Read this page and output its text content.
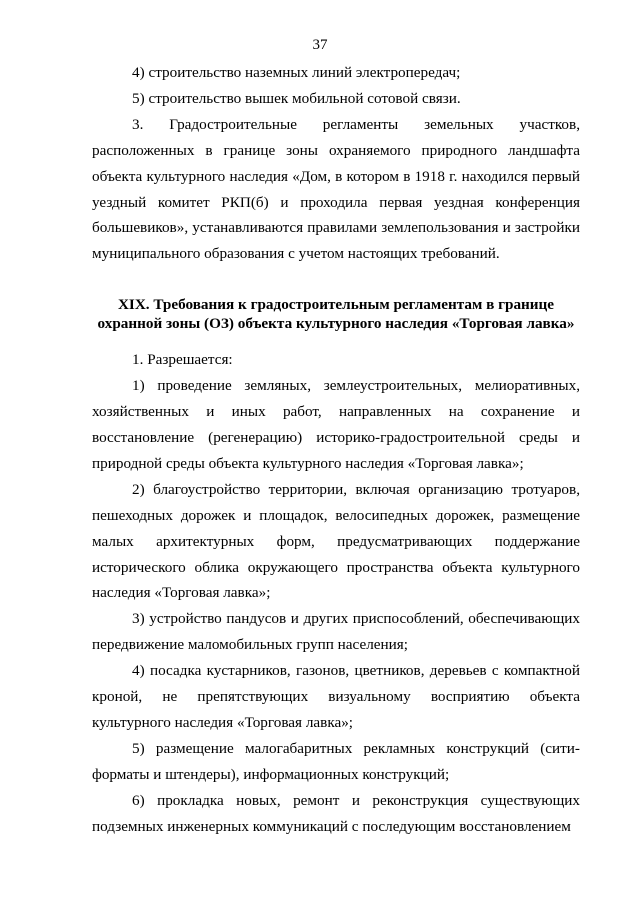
37

4) строительство наземных линий электропередач;

5) строительство вышек мобильной сотовой связи.

3. Градостроительные регламенты земельных участков, расположенных в границе зоны охраняемого природного ландшафта объекта культурного наследия «Дом, в котором в 1918 г. находился первый уездный комитет РКП(б) и проходила первая уездная конференция большевиков», устанавливаются правилами землепользования и застройки муниципального образования с учетом настоящих требований.

XIX. Требования к градостроительным регламентам в границе
охранной зоны (ОЗ) объекта культурного наследия «Торговая лавка»

1. Разрешается:

1) проведение земляных, землеустроительных, мелиоративных, хозяйственных и иных работ, направленных на сохранение и восстановление (регенерацию) историко-градостроительной среды и природной среды объекта культурного наследия «Торговая лавка»;

2) благоустройство территории, включая организацию тротуаров, пешеходных дорожек и площадок, велосипедных дорожек, размещение малых архитектурных форм, предусматривающих поддержание исторического облика окружающего пространства объекта культурного наследия «Торговая лавка»;

3) устройство пандусов и других приспособлений, обеспечивающих передвижение маломобильных групп населения;

4) посадка кустарников, газонов, цветников, деревьев с компактной кроной, не препятствующих визуальному восприятию объекта культурного наследия «Торговая лавка»;

5) размещение малогабаритных рекламных конструкций (сити-форматы и штендеры), информационных конструкций;

6) прокладка новых, ремонт и реконструкция существующих подземных инженерных коммуникаций с последующим восстановлением
